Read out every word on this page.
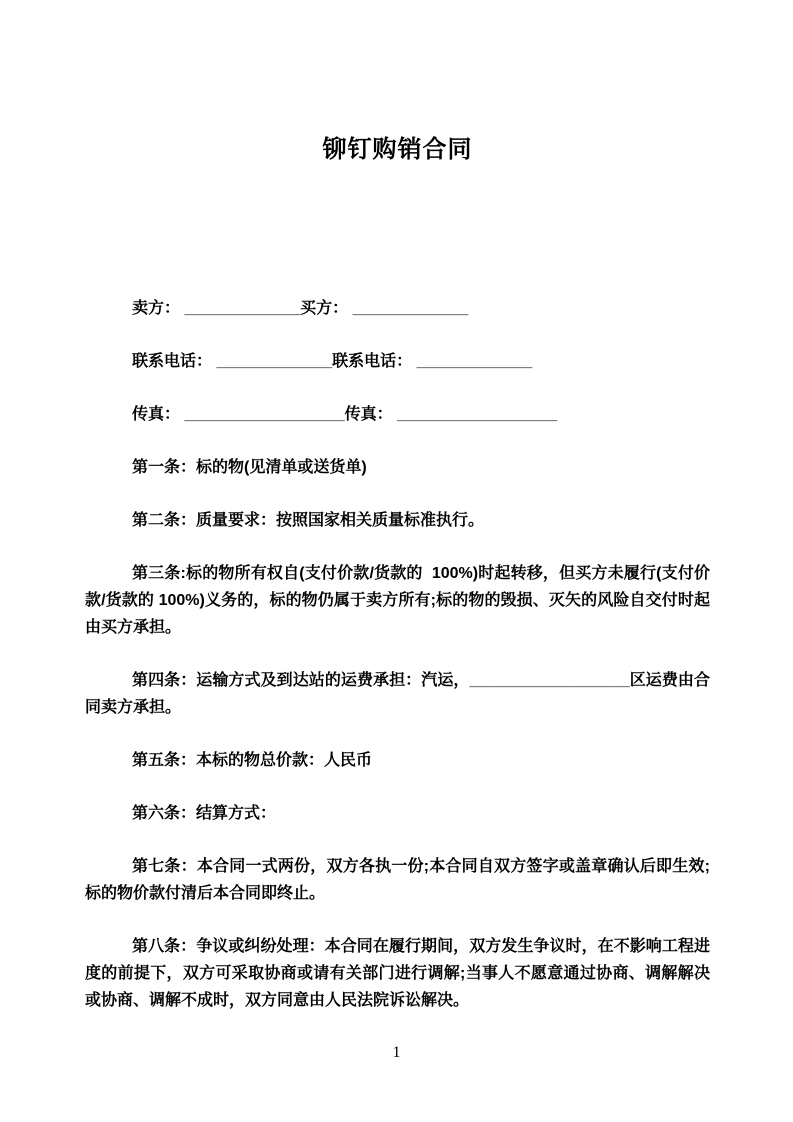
铆钉购销合同

卖方： _____________买方： _____________

联系电话： _____________联系电话： _____________

传真： __________________传真： __________________

第一条：标的物(见清单或送货单)

第二条：质量要求：按照国家相关质量标准执行。

第三条:标的物所有权自(支付价款/货款的  100%)时起转移，但买方未履行(支付价款/货款的 100%)义务的，标的物仍属于卖方所有;标的物的毁损、灭矢的风险自交付时起由买方承担。

第四条：运输方式及到达站的运费承担：汽运，__________________区运费由合同卖方承担。

第五条：本标的物总价款：人民币

第六条：结算方式：

第七条：本合同一式两份，双方各执一份;本合同自双方签字或盖章确认后即生效;标的物价款付清后本合同即终止。

第八条：争议或纠纷处理：本合同在履行期间，双方发生争议时，在不影响工程进度的前提下，双方可采取协商或请有关部门进行调解;当事人不愿意通过协商、调解解决或协商、调解不成时，双方同意由人民法院诉讼解决。

1
